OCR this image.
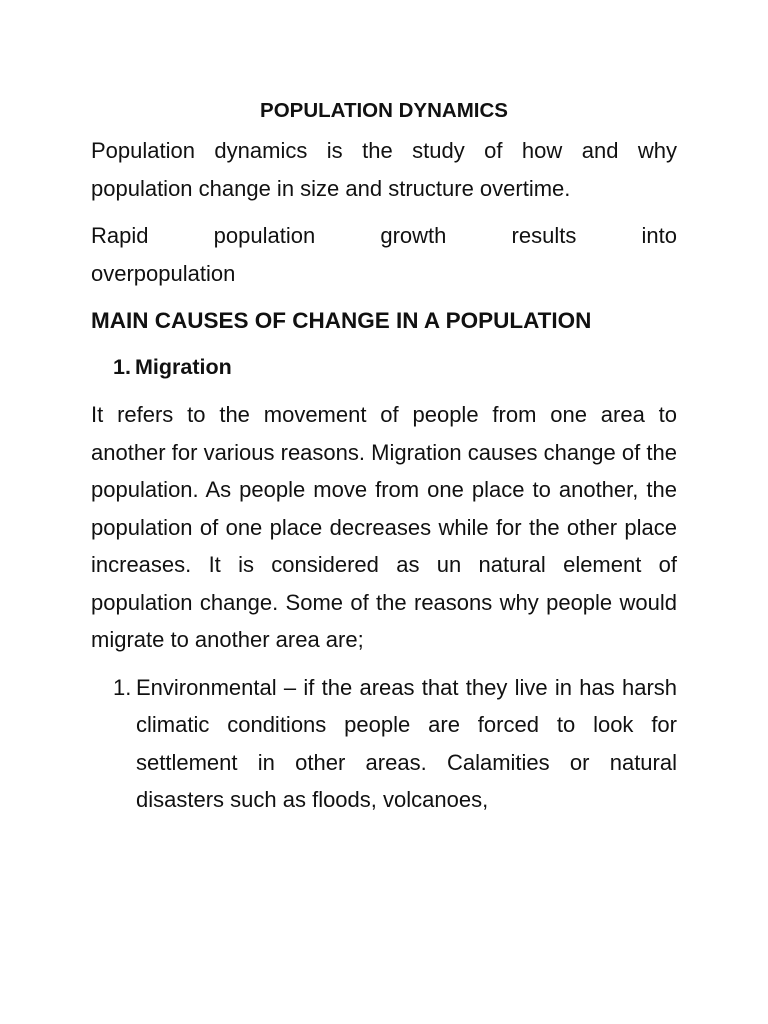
POPULATION DYNAMICS

Population dynamics is the study of how and why population change in size and structure overtime.

Rapid	population	growth	results	into
overpopulation
MAIN CAUSES OF CHANGE IN A POPULATION
1. Migration

It refers to the movement of people from one area to another for various reasons. Migration causes change of the population. As people move from one place to another, the population of one place decreases while for the other place increases. It is considered as un natural element of population change. Some of the reasons why people would migrate to another area are;

1. Environmental – if the areas that they live in has harsh climatic conditions people are forced to look for settlement in other areas. Calamities or natural disasters such as floods, volcanoes,
